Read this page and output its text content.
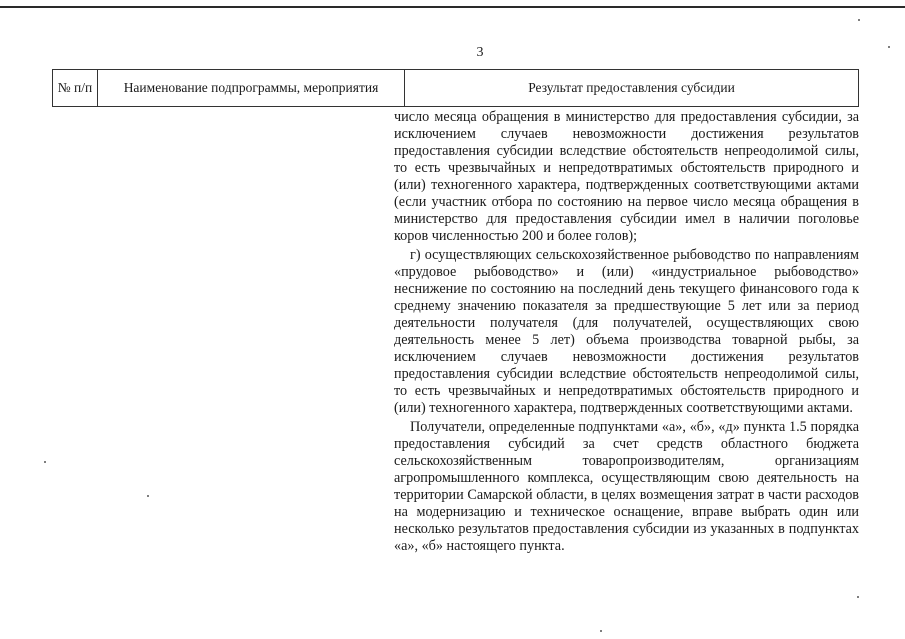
3
№ п/п	Наименование подпрограммы, мероприятия	Результат предоставления субсидии

число месяца обращения в министерство для предоставления субсидии, за исключением случаев невозможности достижения результатов предоставления субсидии вследствие обстоятельств непреодолимой силы, то есть чрезвычайных и непредотвратимых обстоятельств природного и (или) техногенного характера, подтвержденных соответствующими актами (если участник отбора по состоянию на первое число месяца обращения в министерство для предоставления субсидии имел в наличии поголовье коров численностью 200 и более голов);

г) осуществляющих сельскохозяйственное рыбоводство по направлениям «прудовое рыбоводство» и (или) «индустриальное рыбоводство» неснижение по состоянию на последний день текущего финансового года к среднему значению показателя за предшествующие 5 лет или за период деятельности получателя (для получателей, осуществляющих свою деятельность менее 5 лет) объема производства товарной рыбы, за исключением случаев невозможности достижения результатов предоставления субсидии вследствие обстоятельств непреодолимой силы, то есть чрезвычайных и непредотвратимых обстоятельств природного и (или) техногенного характера, подтвержденных соответствующими актами.

Получатели, определенные подпунктами «а», «б», «д» пункта 1.5 порядка предоставления субсидий за счет средств областного бюджета сельскохозяйственным товаропроизводителям, организациям агропромышленного комплекса, осуществляющим свою деятельность на территории Самарской области, в целях возмещения затрат в части расходов на модернизацию и техническое оснащение, вправе выбрать один или несколько результатов предоставления субсидии из указанных в подпунктах «а», «б» настоящего пункта.
